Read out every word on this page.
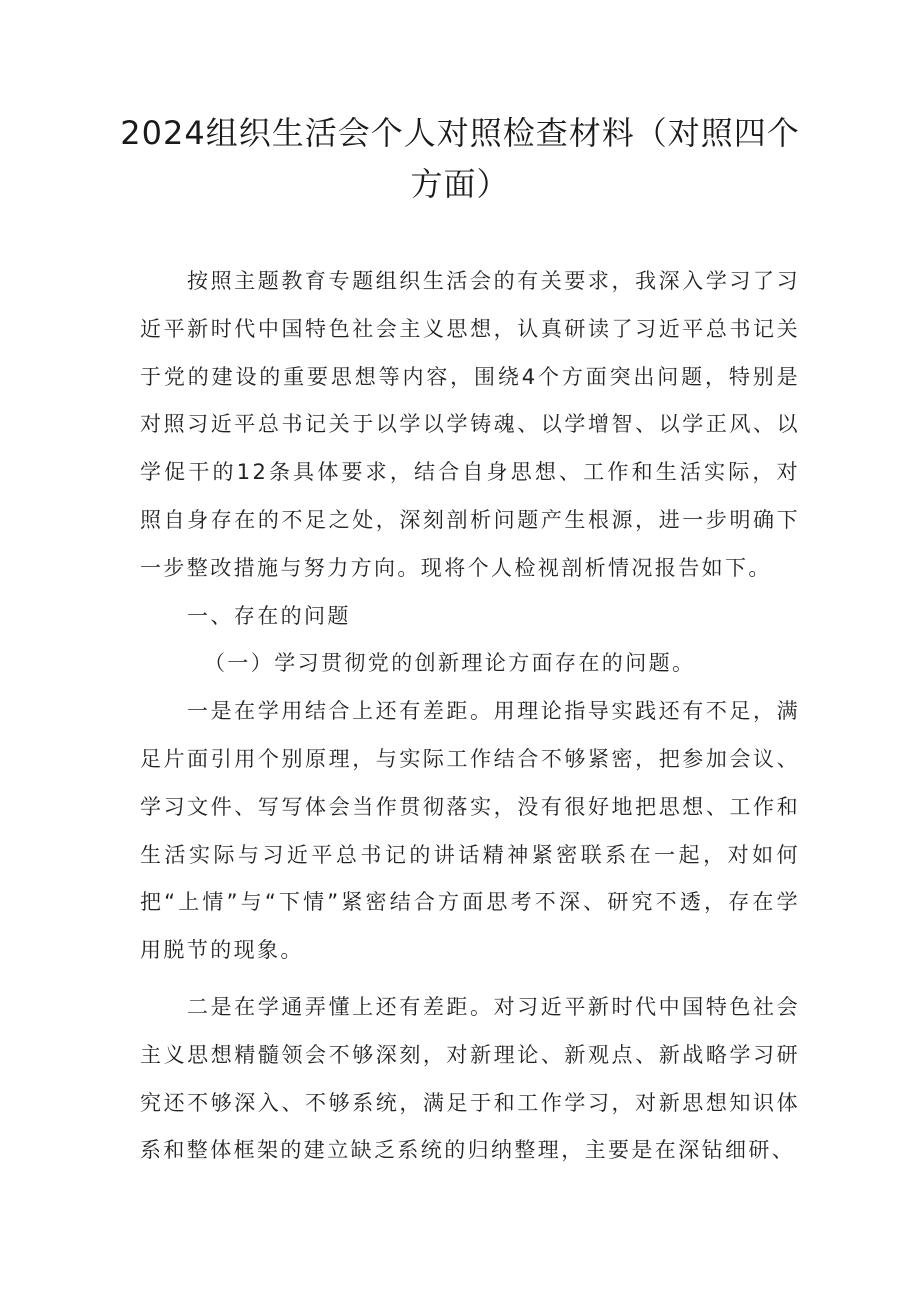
2024组织生活会个人对照检查材料（对照四个方面）

按照主题教育专题组织生活会的有关要求，我深入学习了习近平新时代中国特色社会主义思想，认真研读了习近平总书记关于党的建设的重要思想等内容，围绕4个方面突出问题，特别是对照习近平总书记关于以学以学铸魂、以学增智、以学正风、以学促干的12条具体要求，结合自身思想、工作和生活实际，对照自身存在的不足之处，深刻剖析问题产生根源，进一步明确下一步整改措施与努力方向。现将个人检视剖析情况报告如下。

一、存在的问题

（一）学习贯彻党的创新理论方面存在的问题。

一是在学用结合上还有差距。用理论指导实践还有不足，满足片面引用个别原理，与实际工作结合不够紧密，把参加会议、学习文件、写写体会当作贯彻落实，没有很好地把思想、工作和生活实际与习近平总书记的讲话精神紧密联系在一起，对如何把“上情”与“下情”紧密结合方面思考不深、研究不透，存在学用脱节的现象。

二是在学通弄懂上还有差距。对习近平新时代中国特色社会主义思想精髓领会不够深刻，对新理论、新观点、新战略学习研究还不够深入、不够系统，满足于和工作学习，对新思想知识体系和整体框架的建立缺乏系统的归纳整理，主要是在深钻细研、
